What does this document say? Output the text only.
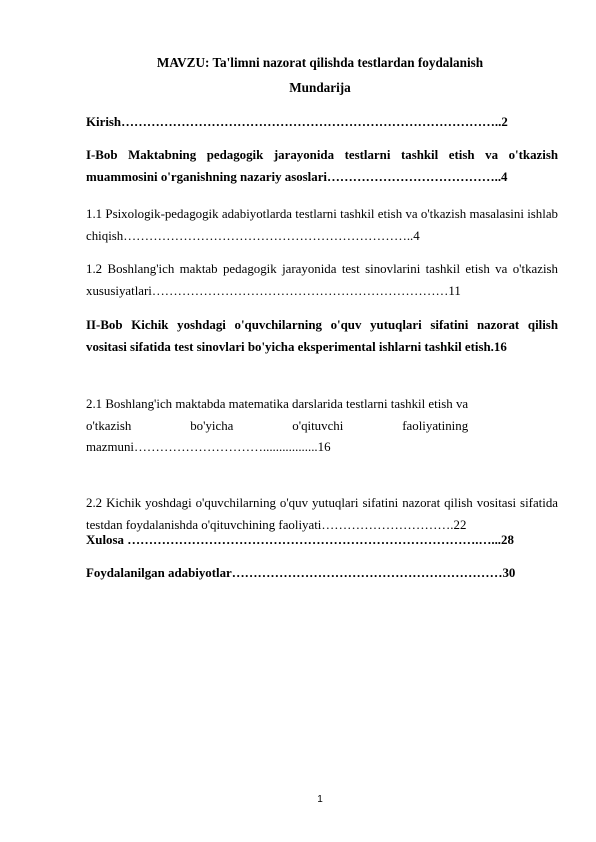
MAVZU: Ta'limni nazorat qilishda testlardan foydalanish

Mundarija

Kirish……………………………………………………………………………..2

I-Bob Maktabning pedagogik jarayonida testlarni tashkil etish va o'tkazish muammosini o'rganishning nazariy asoslari…………………………………..4

1.1 Psixologik-pedagogik adabiyotlarda testlarni tashkil etish va o'tkazish masalasini ishlab chiqish…………………………………………………………..4

1.2 Boshlang'ich maktab pedagogik jarayonida test sinovlarini tashkil etish va o'tkazish xususiyatlari……………………………………………………………11

II-Bob Kichik yoshdagi o'quvchilarning o'quv yutuqlari sifatini nazorat qilish vositasi sifatida test sinovlari bo'yicha eksperimental ishlarni tashkil etish.16

2.1 Boshlang'ich maktabda matematika darslarida testlarni tashkil etish va

o'tkazish bo'yicha o'qituvchi faoliyatining

mazmuni………………………….................16

2.2 Kichik yoshdagi o'quvchilarning o'quv yutuqlari sifatini nazorat qilish vositasi sifatida testdan foydalanishda o'qituvchining faoliyati………………………….22

Xulosa ……………………………………………………………………….…...28

Foydalanilgan adabiyotlar………………………………………………………30

1
